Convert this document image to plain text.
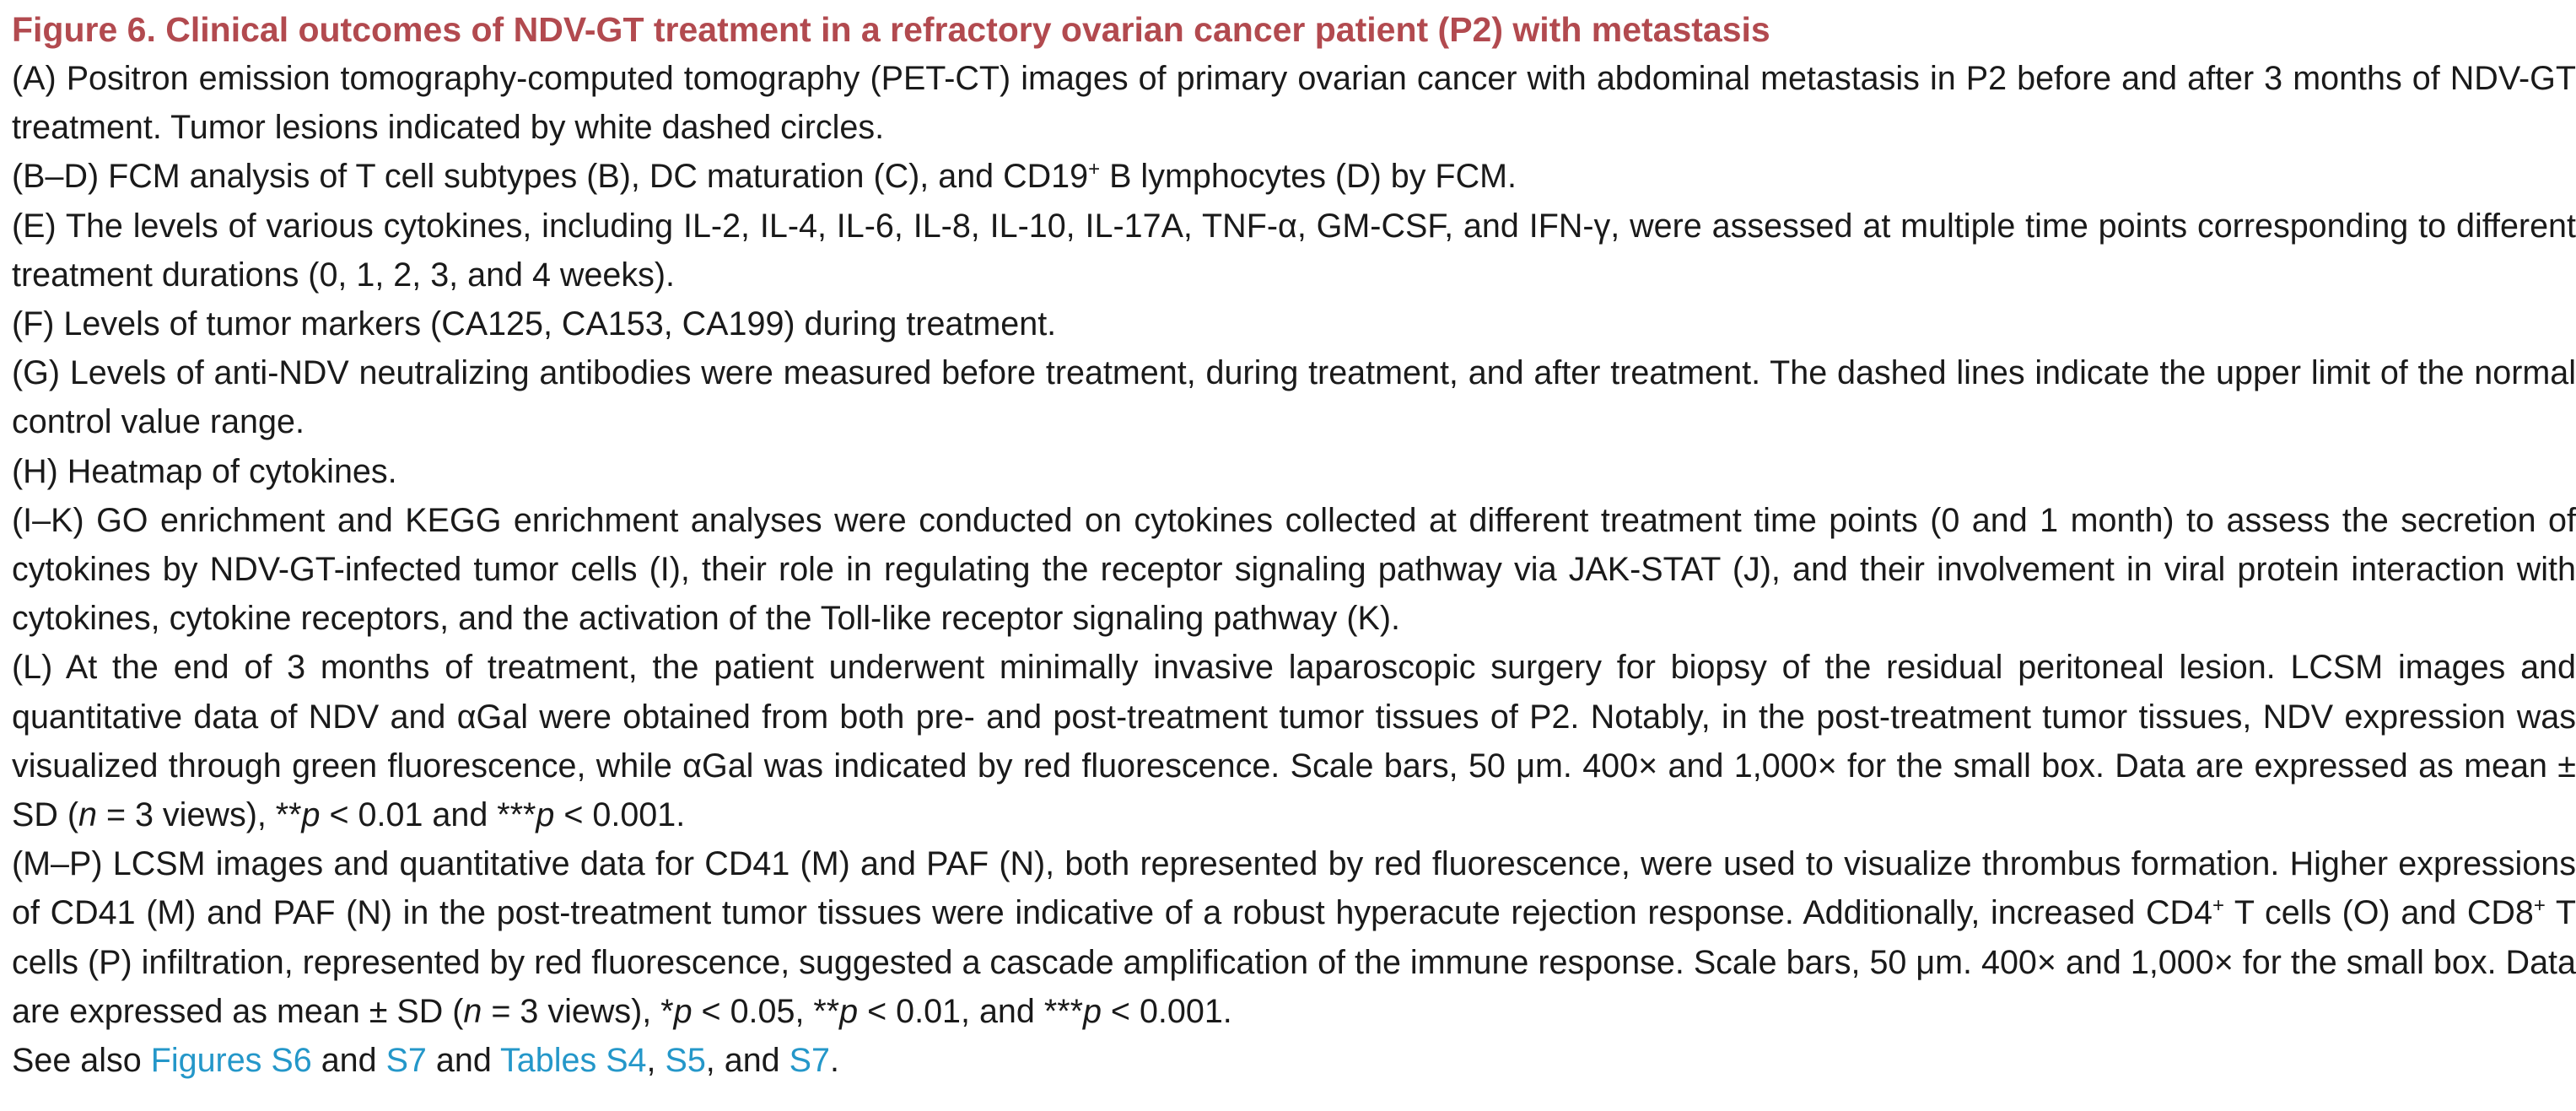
Figure 6. Clinical outcomes of NDV-GT treatment in a refractory ovarian cancer patient (P2) with metastasis

(A) Positron emission tomography-computed tomography (PET-CT) images of primary ovarian cancer with abdominal metastasis in P2 before and after 3 months of NDV-GT treatment. Tumor lesions indicated by white dashed circles.

(B–D) FCM analysis of T cell subtypes (B), DC maturation (C), and CD19+ B lymphocytes (D) by FCM.

(E) The levels of various cytokines, including IL-2, IL-4, IL-6, IL-8, IL-10, IL-17A, TNF-α, GM-CSF, and IFN-γ, were assessed at multiple time points corresponding to different treatment durations (0, 1, 2, 3, and 4 weeks).

(F) Levels of tumor markers (CA125, CA153, CA199) during treatment.

(G) Levels of anti-NDV neutralizing antibodies were measured before treatment, during treatment, and after treatment. The dashed lines indicate the upper limit of the normal control value range.

(H) Heatmap of cytokines.

(I–K) GO enrichment and KEGG enrichment analyses were conducted on cytokines collected at different treatment time points (0 and 1 month) to assess the secretion of cytokines by NDV-GT-infected tumor cells (I), their role in regulating the receptor signaling pathway via JAK-STAT (J), and their involvement in viral protein interaction with cytokines, cytokine receptors, and the activation of the Toll-like receptor signaling pathway (K).

(L) At the end of 3 months of treatment, the patient underwent minimally invasive laparoscopic surgery for biopsy of the residual peritoneal lesion. LCSM images and quantitative data of NDV and αGal were obtained from both pre- and post-treatment tumor tissues of P2. Notably, in the post-treatment tumor tissues, NDV expression was visualized through green fluorescence, while αGal was indicated by red fluorescence. Scale bars, 50 μm. 400× and 1,000× for the small box. Data are expressed as mean ± SD (n = 3 views), **p < 0.01 and ***p < 0.001.

(M–P) LCSM images and quantitative data for CD41 (M) and PAF (N), both represented by red fluorescence, were used to visualize thrombus formation. Higher expressions of CD41 (M) and PAF (N) in the post-treatment tumor tissues were indicative of a robust hyperacute rejection response. Additionally, increased CD4+ T cells (O) and CD8+ T cells (P) infiltration, represented by red fluorescence, suggested a cascade amplification of the immune response. Scale bars, 50 μm. 400× and 1,000× for the small box. Data are expressed as mean ± SD (n = 3 views), *p < 0.05, **p < 0.01, and ***p < 0.001.

See also Figures S6 and S7 and Tables S4, S5, and S7.
